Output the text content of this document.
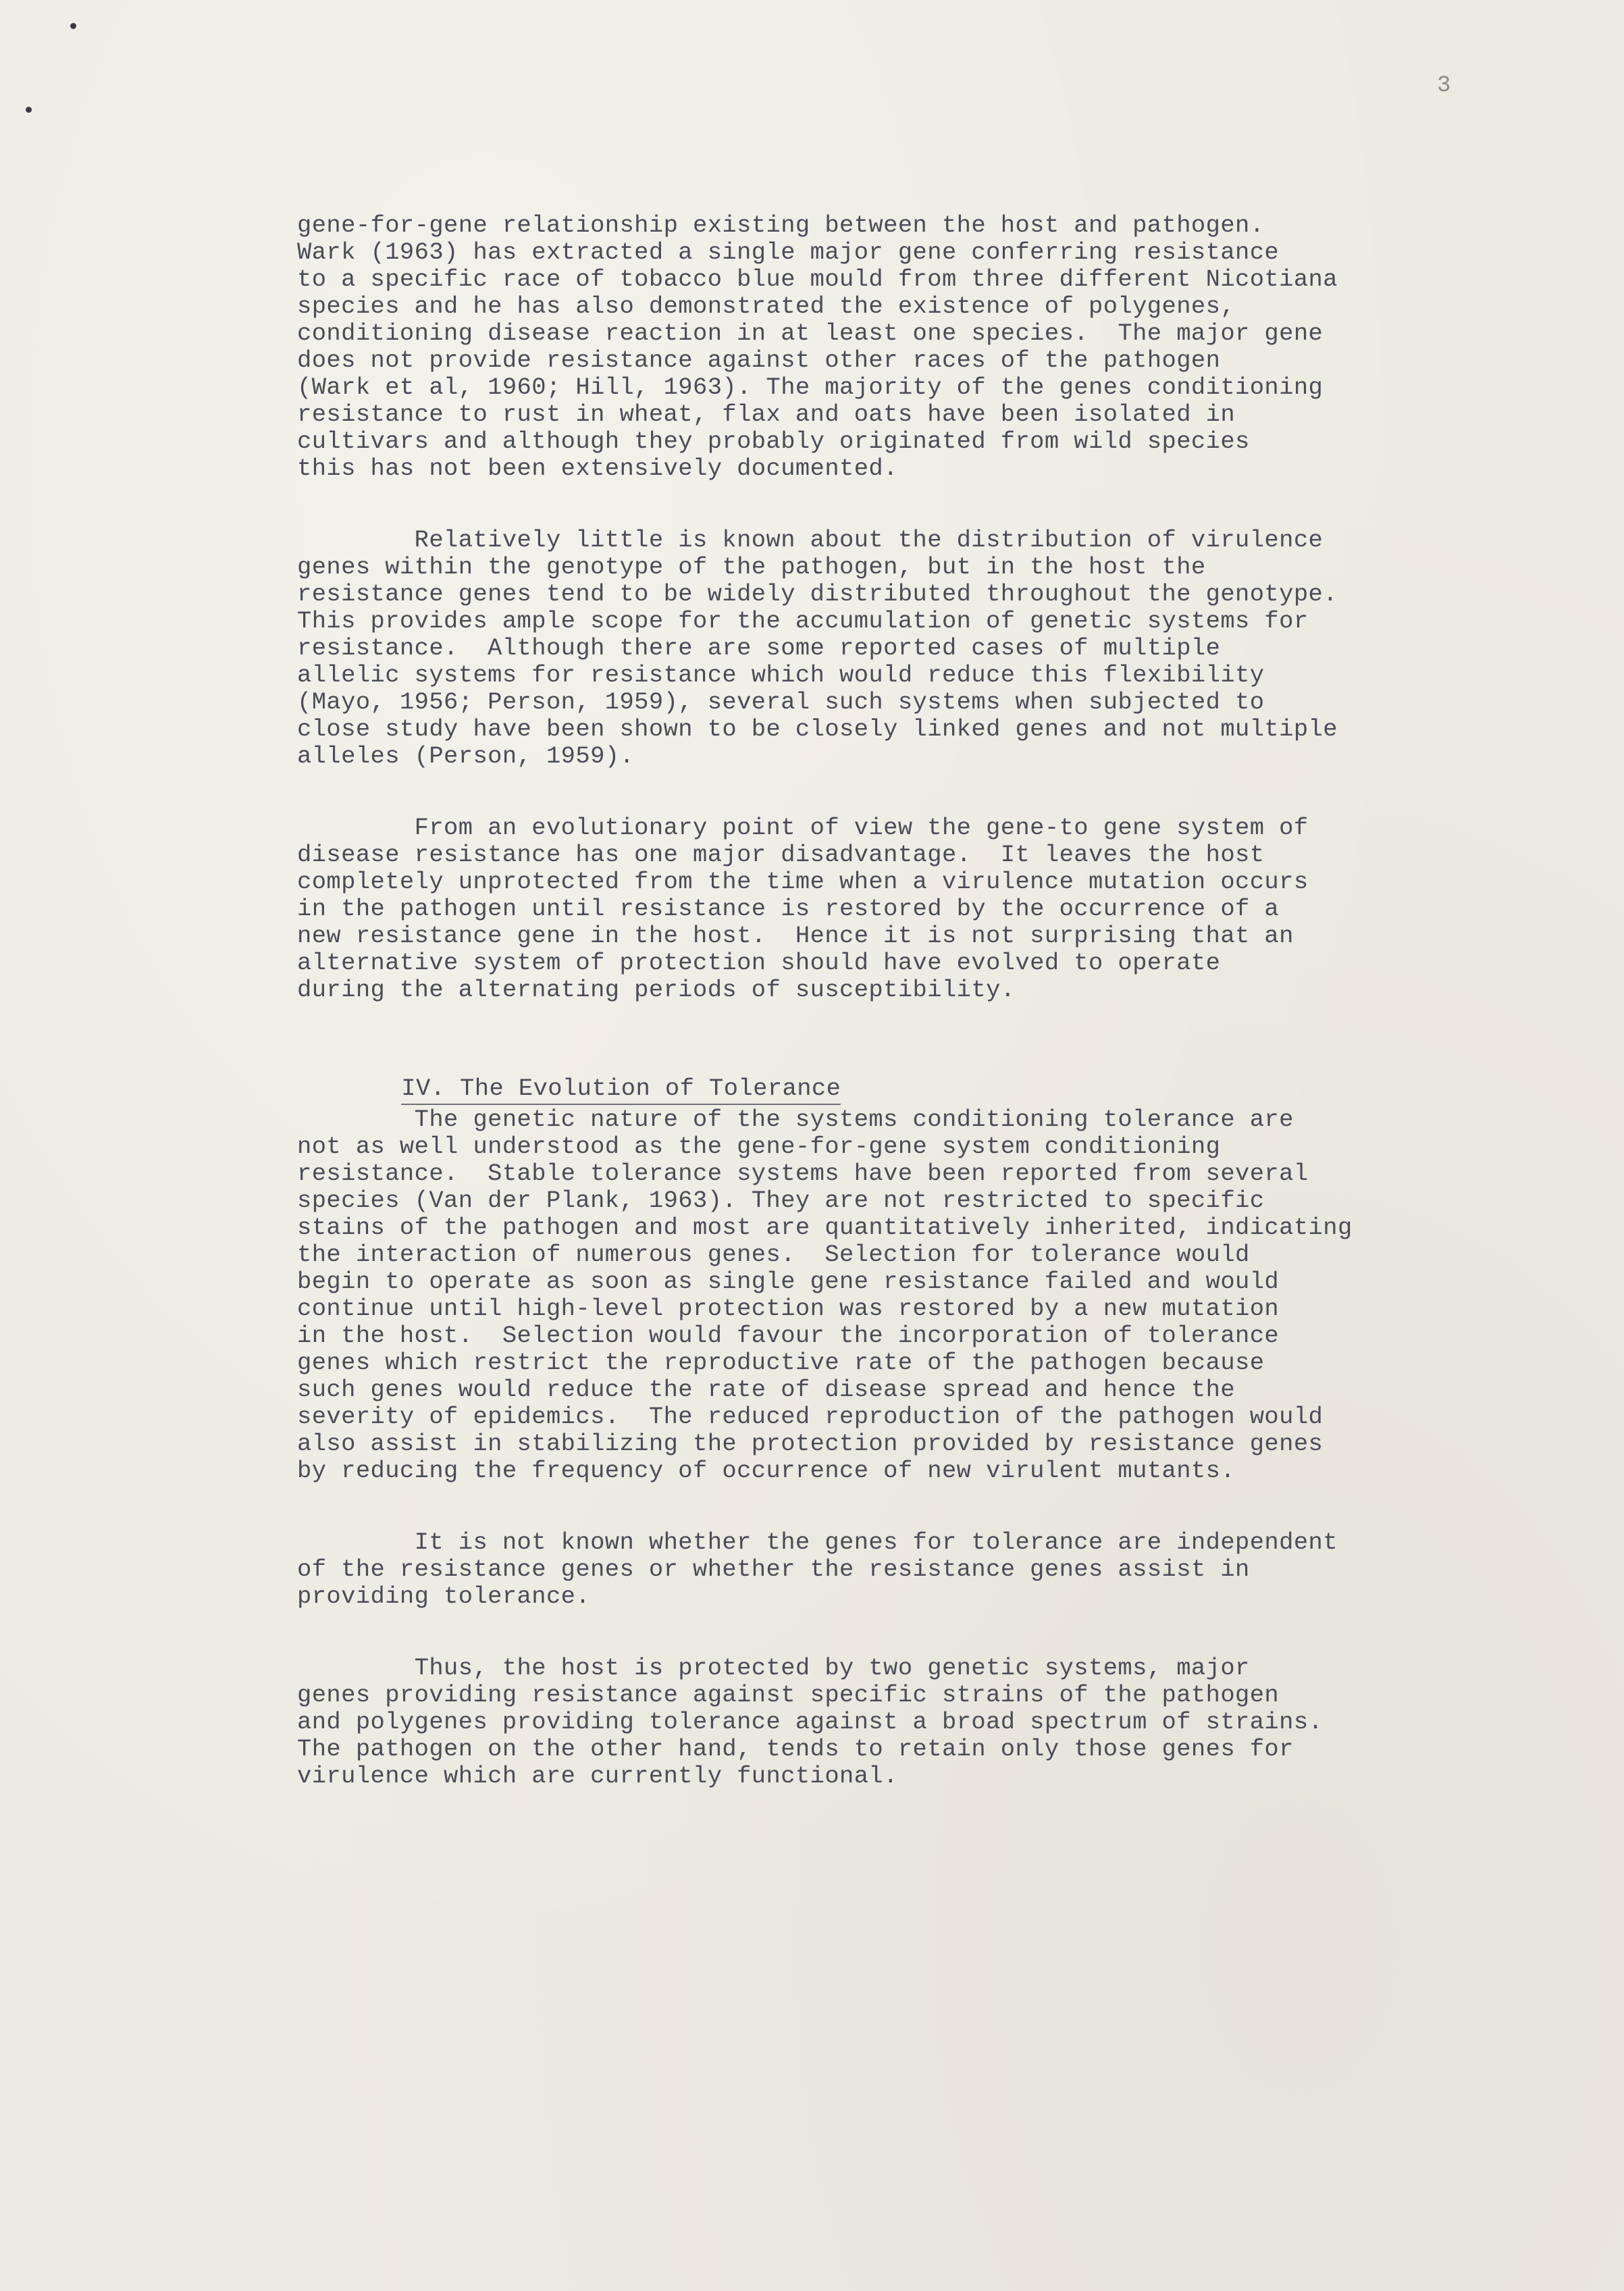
3
gene-for-gene relationship existing between the host and pathogen.
Wark (1963) has extracted a single major gene conferring resistance
to a specific race of tobacco blue mould from three different Nicotiana
species and he has also demonstrated the existence of polygenes,
conditioning disease reaction in at least one species.  The major gene
does not provide resistance against other races of the pathogen
(Wark et al, 1960; Hill, 1963). The majority of the genes conditioning
resistance to rust in wheat, flax and oats have been isolated in
cultivars and although they probably originated from wild species
this has not been extensively documented.
Relatively little is known about the distribution of virulence
genes within the genotype of the pathogen, but in the host the
resistance genes tend to be widely distributed throughout the genotype.
This provides ample scope for the accumulation of genetic systems for
resistance.  Although there are some reported cases of multiple
allelic systems for resistance which would reduce this flexibility
(Mayo, 1956; Person, 1959), several such systems when subjected to
close study have been shown to be closely linked genes and not multiple
alleles (Person, 1959).
From an evolutionary point of view the gene-to gene system of
disease resistance has one major disadvantage.  It leaves the host
completely unprotected from the time when a virulence mutation occurs
in the pathogen until resistance is restored by the occurrence of a
new resistance gene in the host.  Hence it is not surprising that an
alternative system of protection should have evolved to operate
during the alternating periods of susceptibility.

IV. The Evolution of Tolerance

The genetic nature of the systems conditioning tolerance are
not as well understood as the gene-for-gene system conditioning
resistance.  Stable tolerance systems have been reported from several
species (Van der Plank, 1963). They are not restricted to specific
stains of the pathogen and most are quantitatively inherited, indicating
the interaction of numerous genes.  Selection for tolerance would
begin to operate as soon as single gene resistance failed and would
continue until high-level protection was restored by a new mutation
in the host.  Selection would favour the incorporation of tolerance
genes which restrict the reproductive rate of the pathogen because
such genes would reduce the rate of disease spread and hence the
severity of epidemics.  The reduced reproduction of the pathogen would
also assist in stabilizing the protection provided by resistance genes
by reducing the frequency of occurrence of new virulent mutants.
It is not known whether the genes for tolerance are independent
of the resistance genes or whether the resistance genes assist in
providing tolerance.
Thus, the host is protected by two genetic systems, major
genes providing resistance against specific strains of the pathogen
and polygenes providing tolerance against a broad spectrum of strains.
The pathogen on the other hand, tends to retain only those genes for
virulence which are currently functional.
